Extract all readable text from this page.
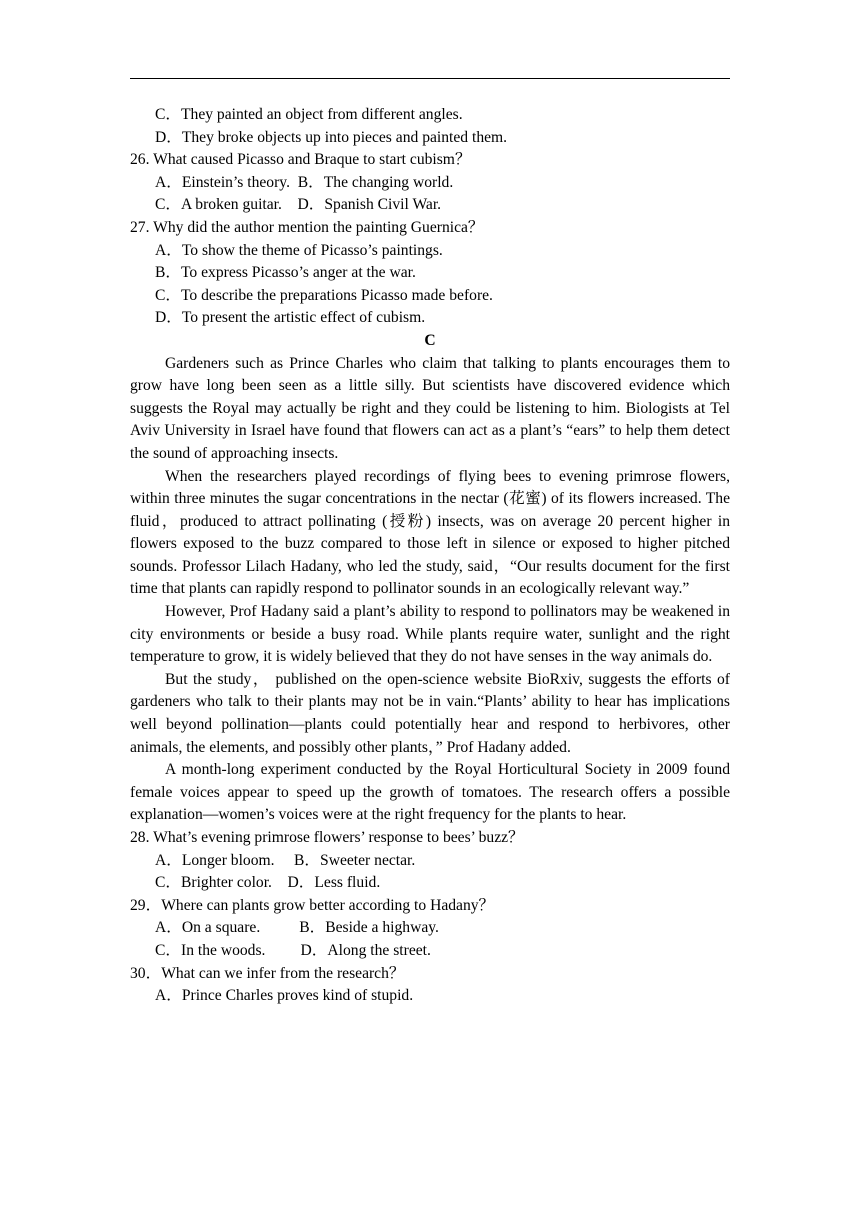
C．They painted an object from different angles.
D．They broke objects up into pieces and painted them.
26. What caused Picasso and Braque to start cubism？
A．Einstein’s theory.  B．The changing world.
C．A broken guitar.    D．Spanish Civil War.
27. Why did the author mention the painting Guernica？
A．To show the theme of Picasso’s paintings.
B．To express Picasso’s anger at the war.
C．To describe the preparations Picasso made before.
D．To present the artistic effect of cubism.
C
Gardeners such as Prince Charles who claim that talking to plants encourages them to grow have long been seen as a little silly. But scientists have discovered evidence which suggests the Royal may actually be right and they could be listening to him. Biologists at Tel Aviv University in Israel have found that flowers can act as a plant’s “ears” to help them detect the sound of approaching insects.
When the researchers played recordings of flying bees to evening primrose flowers, within three minutes the sugar concentrations in the nectar (花蜜) of its flowers increased. The fluid，produced to attract pollinating (授粉) insects, was on average 20 percent higher in flowers exposed to the buzz compared to those left in silence or exposed to higher pitched sounds. Professor Lilach Hadany, who led the study, said，“Our results document for the first time that plants can rapidly respond to pollinator sounds in an ecologically relevant way.”
However, Prof Hadany said a plant’s ability to respond to pollinators may be weakened in city environments or beside a busy road. While plants require water, sunlight and the right temperature to grow, it is widely believed that they do not have senses in the way animals do.
But the study， published on the open-science website BioRxiv, suggests the efforts of gardeners who talk to their plants may not be in vain.“Plants’ ability to hear has implications well beyond pollination—plants could potentially hear and respond to herbivores, other animals, the elements, and possibly other plants，” Prof Hadany added.
A month-long experiment conducted by the Royal Horticultural Society in 2009 found female voices appear to speed up the growth of tomatoes. The research offers a possible explanation—women’s voices were at the right frequency for the plants to hear.
28. What’s evening primrose flowers’ response to bees’ buzz？
A．Longer bloom.     B．Sweeter nectar.
C．Brighter color.    D．Less fluid.
29．Where can plants grow better according to Hadany？
A．On a square.          B．Beside a highway.
C．In the woods.         D．Along the street.
30．What can we infer from the research？
A．Prince Charles proves kind of stupid.
